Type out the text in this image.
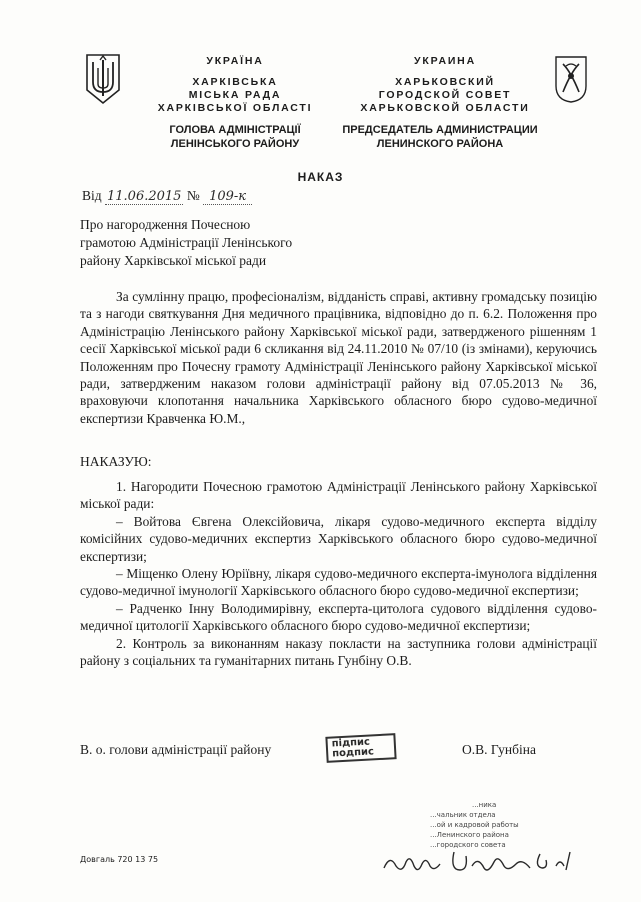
УКРАЇНА
ХАРКІВСЬКА
МІСЬКА РАДА
ХАРКІВСЬКОЇ ОБЛАСТІ
ГОЛОВА АДМІНІСТРАЦІЇ
ЛЕНІНСЬКОГО РАЙОНУ
УКРАИНА
ХАРЬКОВСКИЙ
ГОРОДСКОЙ СОВЕТ
ХАРЬКОВСКОЙ ОБЛАСТИ
ПРЕДСЕДАТЕЛЬ АДМИНИСТРАЦИИ
ЛЕНИНСКОГО РАЙОНА
НАКАЗ
Від 11.06.2015 № 109-к
Про нагородження Почесною
грамотою Адміністрації Ленінського
району Харківської міської ради

За сумлінну працю, професіоналізм, відданість справі, активну громадську позицію та з нагоди святкування Дня медичного працівника, відповідно до п. 6.2. Положення про Адміністрацію Ленінського району Харківської міської ради, затвердженого рішенням 1 сесії Харківської міської ради 6 скликання від 24.11.2010 № 07/10 (із змінами), керуючись Положенням про Почесну грамоту Адміністрації Ленінського району Харківської міської ради, затвердженим наказом голови адміністрації району від 07.05.2013 № 36, враховуючи клопотання начальника Харківського обласного бюро судово-медичної експертизи Кравченка Ю.М.,

НАКАЗУЮ:

1. Нагородити Почесною грамотою Адміністрації Ленінського району Харківської міської ради:

– Войтова Євгена Олексійовича, лікаря судово-медичного експерта відділу комісійних судово-медичних експертиз Харківського обласного бюро судово-медичної експертизи;

– Міщенко Олену Юріївну, лікаря судово-медичного експерта-імунолога відділення судово-медичної імунології Харківського обласного бюро судово-медичної експертизи;

– Радченко Інну Володимирівну, експерта-цитолога судового відділення судово-медичної цитології Харківського обласного бюро судово-медичної експертизи;

2. Контроль за виконанням наказу покласти на заступника голови адміністрації району з соціальних та гуманітарних питань Гунбіну О.В.

В. о. голови адміністрації району	підпис
подпис	О.В. Гунбіна
...ника
...чальник отдела
...ой и кадровой работы
...Ленинского района
...городского совета
Довгаль 720 13 75
